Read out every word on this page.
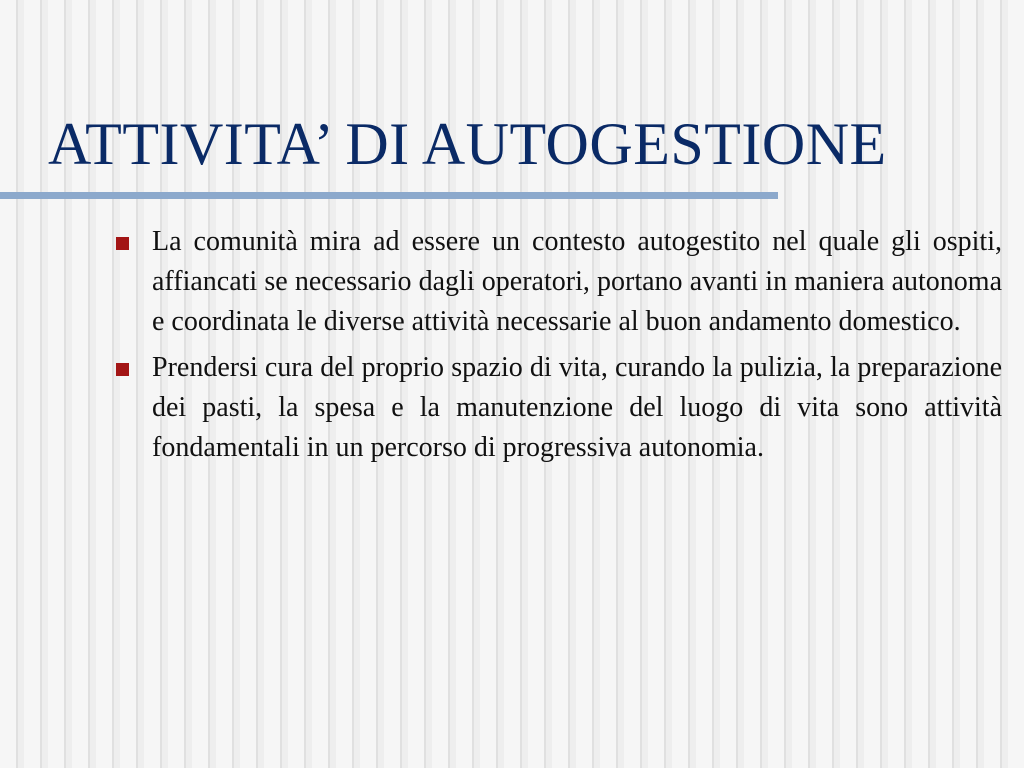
ATTIVITA’ DI AUTOGESTIONE
La comunità mira ad essere un contesto autogestito nel quale gli ospiti, affiancati se necessario dagli operatori, portano avanti in maniera autonoma e coordinata le diverse attività necessarie al buon andamento domestico.
Prendersi cura del proprio spazio di vita, curando la pulizia, la preparazione dei pasti, la spesa e la manutenzione del luogo di vita sono attività fondamentali in un percorso di progressiva autonomia.
